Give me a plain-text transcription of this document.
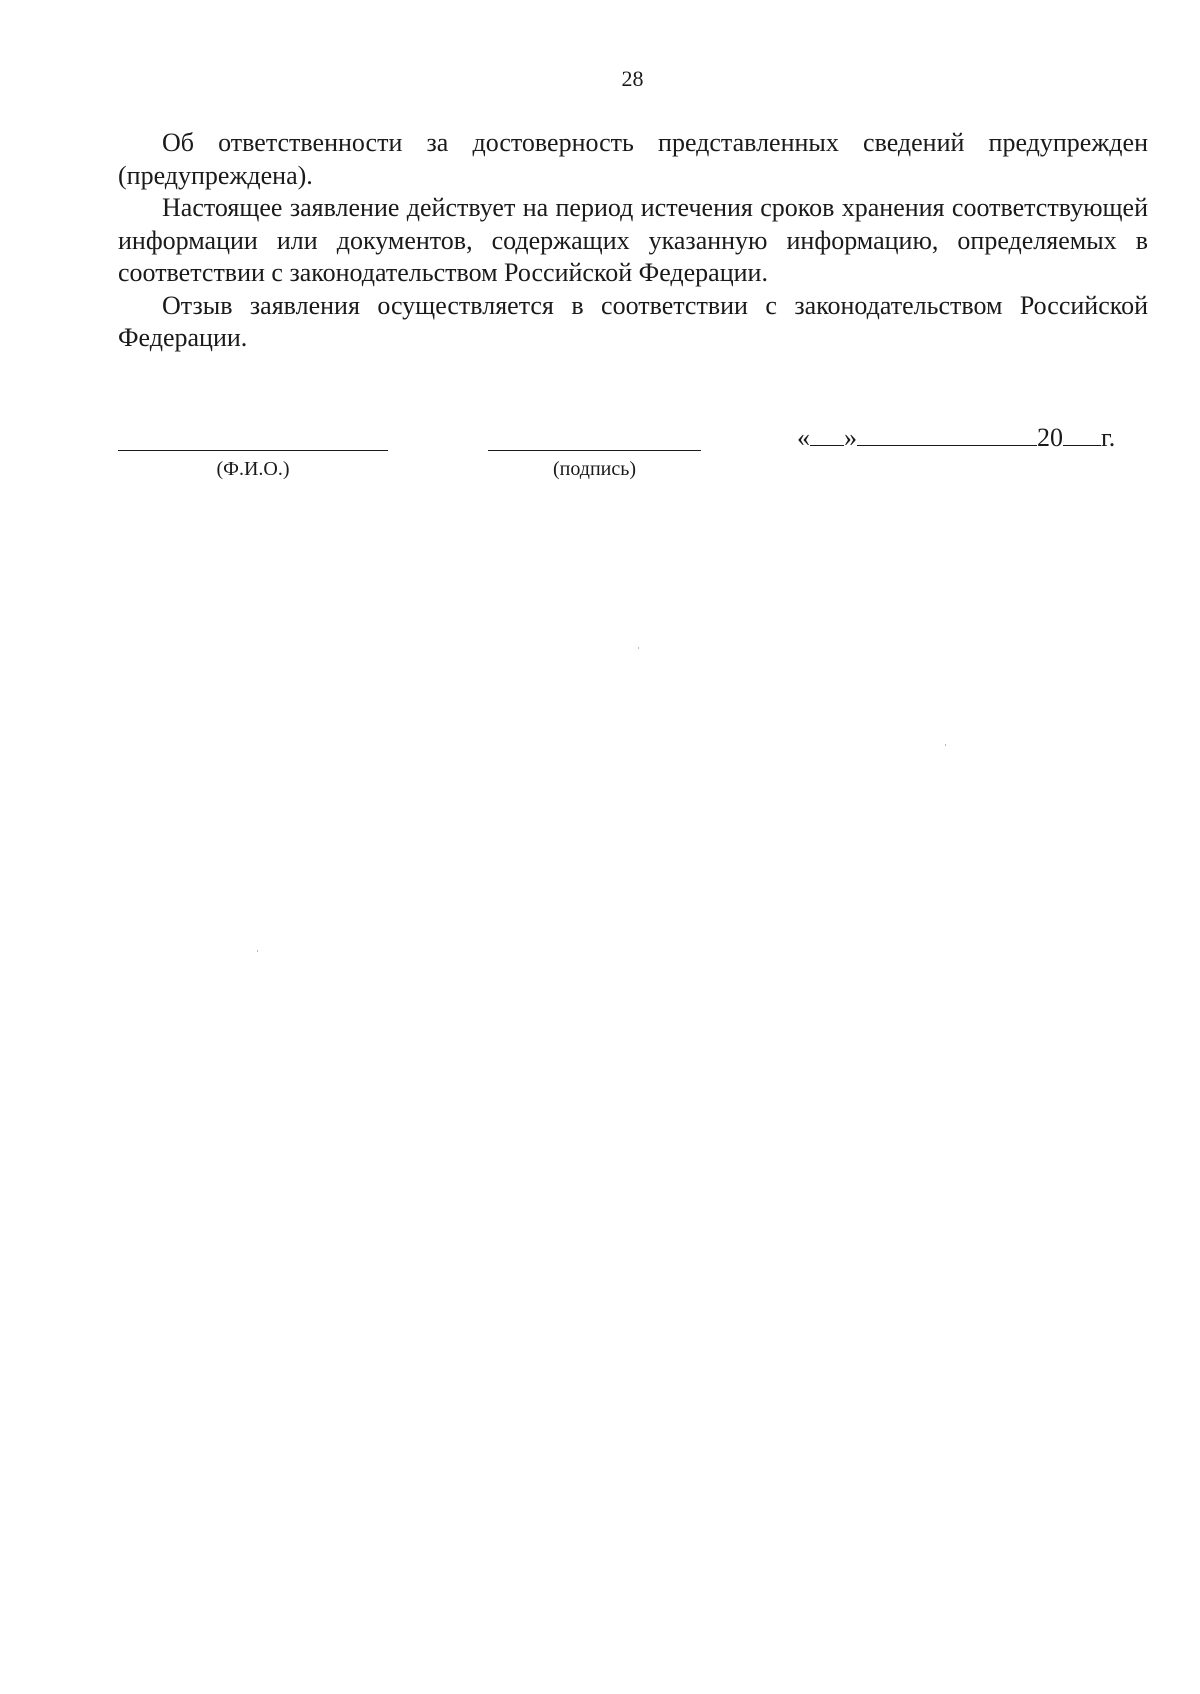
28

Об ответственности за достоверность представленных сведений предупрежден (предупреждена).

Настоящее заявление действует на период истечения сроков хранения соответствующей информации или документов, содержащих указанную информацию, определяемых в соответствии с законодательством Российской Федерации.

Отзыв заявления осуществляется в соответствии с законодательством Российской Федерации.

(Ф.И.О.)	(подпись)
« »	20 г.
